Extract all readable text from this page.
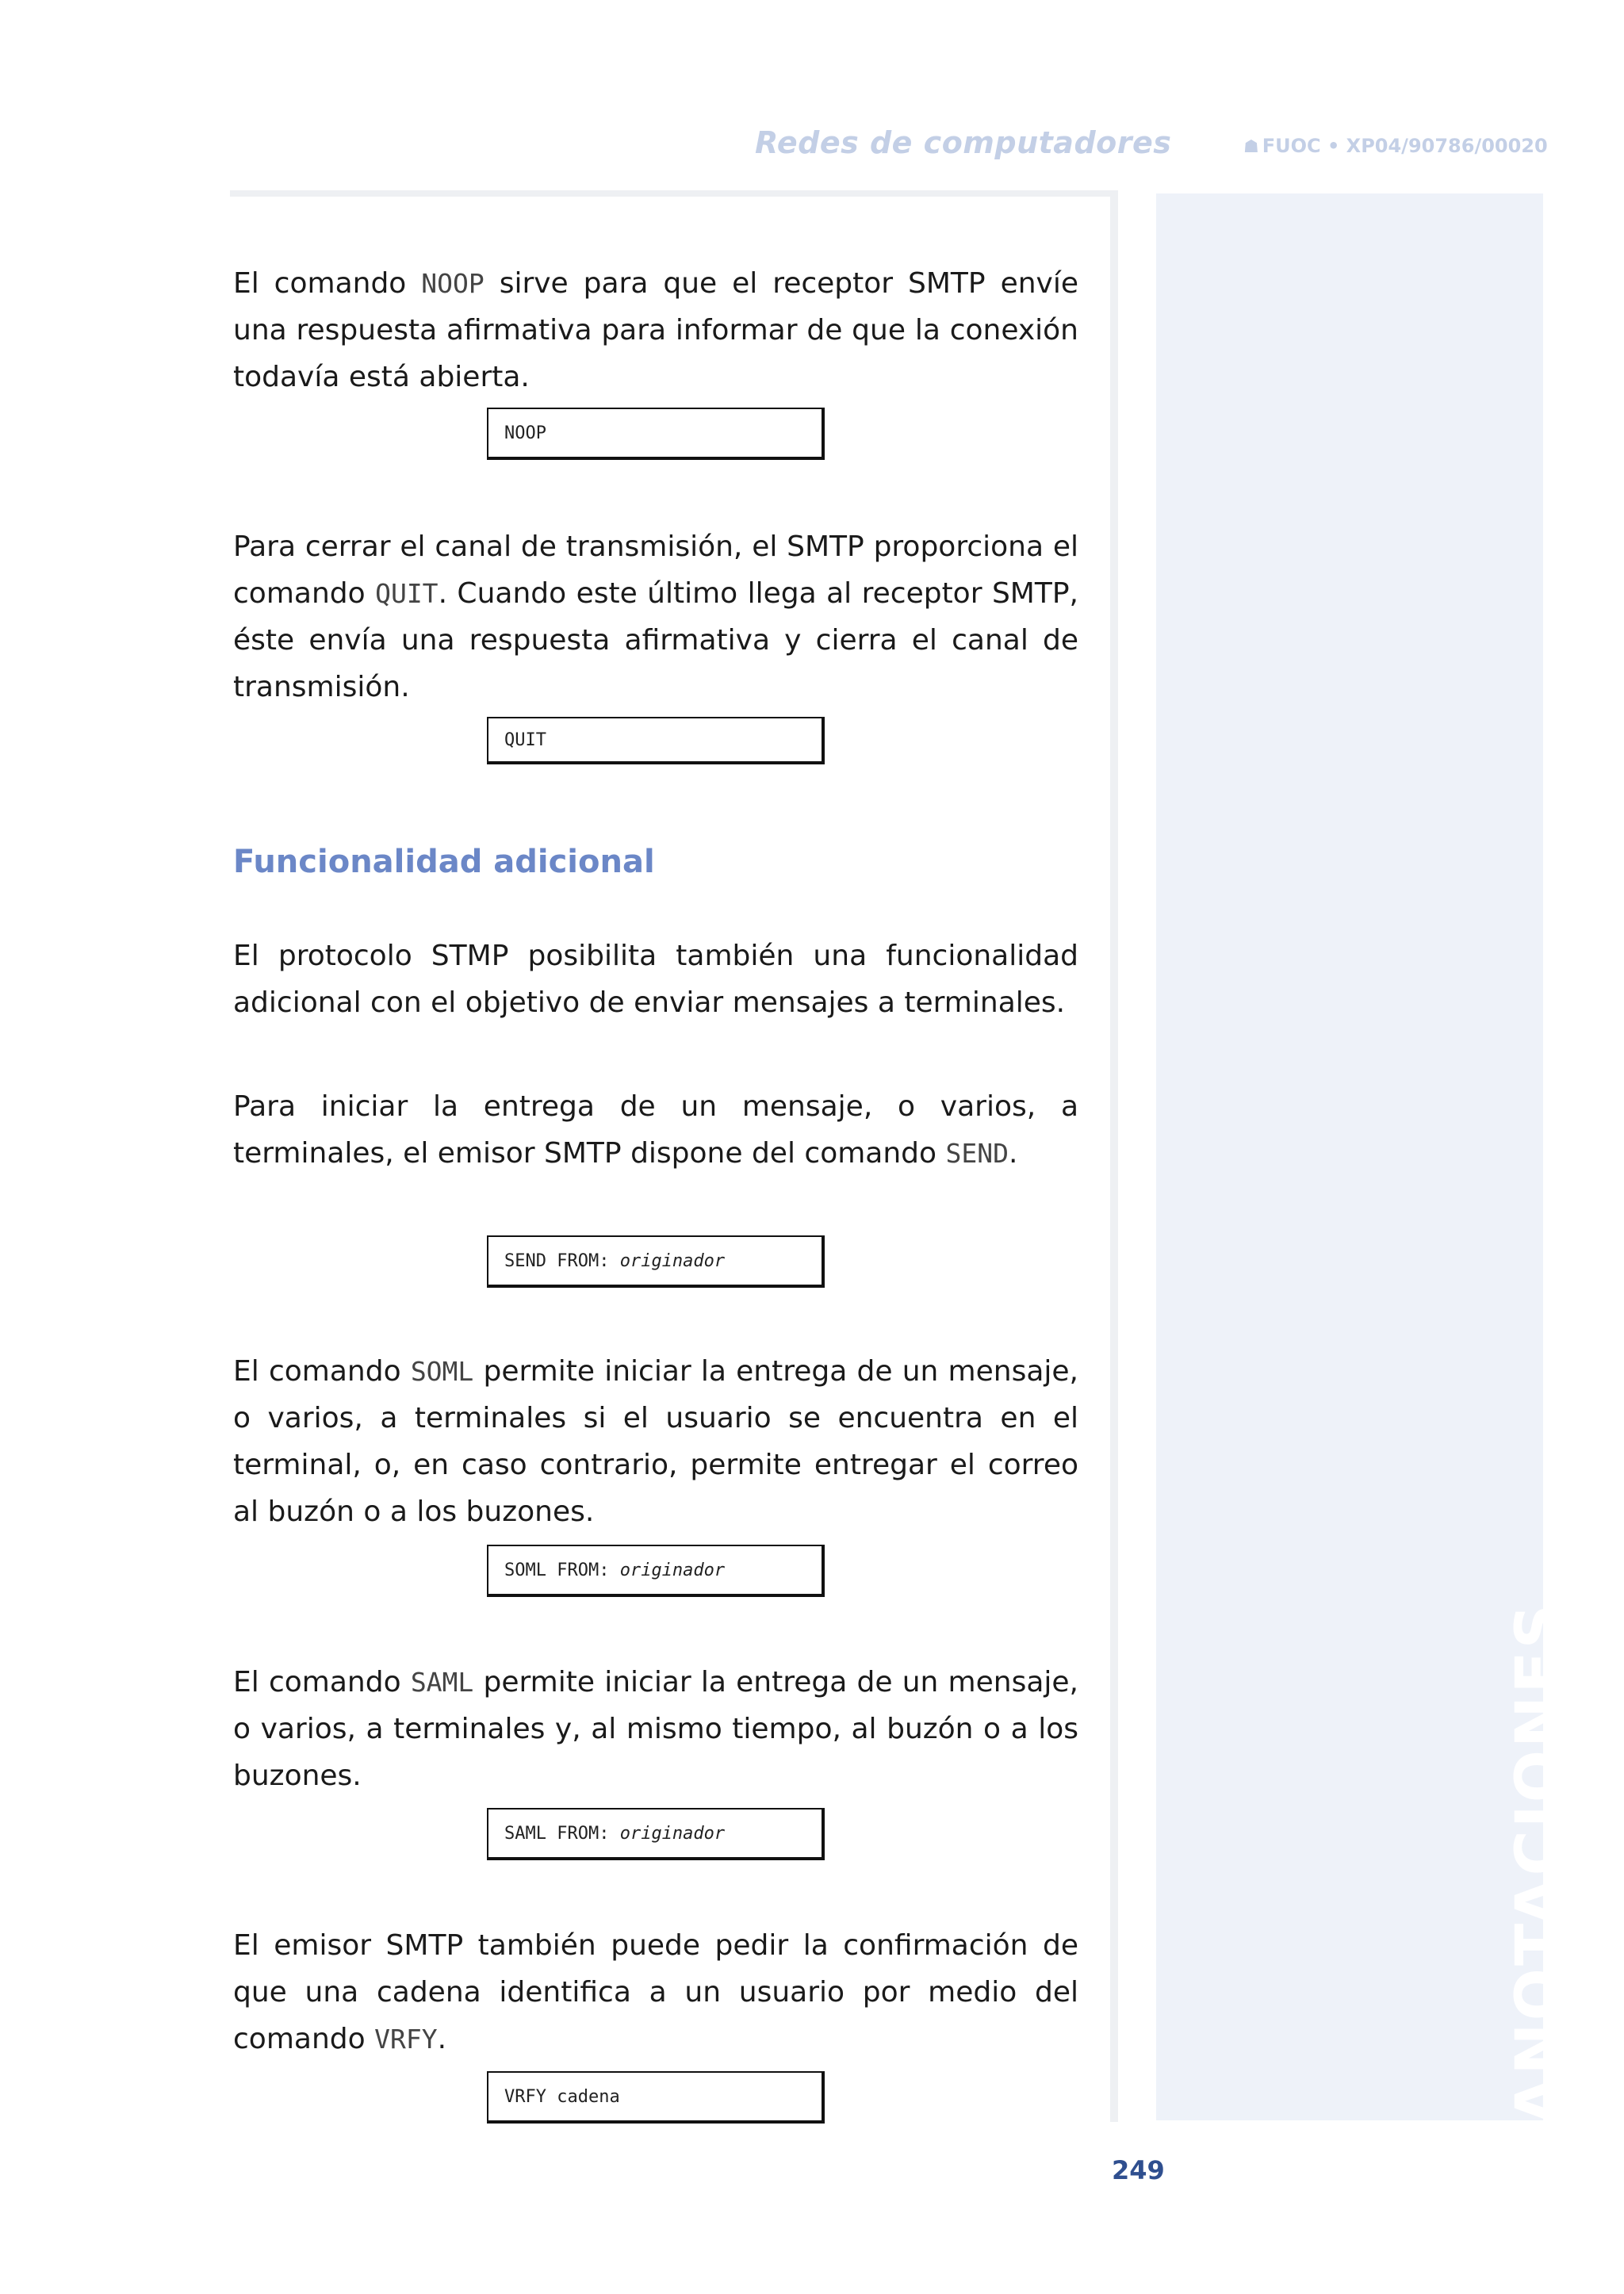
Redes de computadores	☗ FUOC • XP04/90786/00020
ANOTACIONES

El comando NOOP sirve para que el receptor SMTP envíe una respuesta afirmativa para informar de que la conexión todavía está abierta.

NOOP

Para cerrar el canal de transmisión, el SMTP proporciona el comando QUIT. Cuando este último llega al receptor SMTP, éste envía una respuesta afirmativa y cierra el canal de transmisión.

QUIT
Funcionalidad adicional

El protocolo STMP posibilita también una funcionalidad adicional con el objetivo de enviar mensajes a terminales.

Para iniciar la entrega de un mensaje, o varios, a terminales, el emisor SMTP dispone del comando SEND.

SEND FROM: originador

El comando SOML permite iniciar la entrega de un mensaje, o varios, a terminales si el usuario se encuentra en el terminal, o, en caso contrario, permite entregar el correo al buzón o a los buzones.

SOML FROM: originador

El comando SAML permite iniciar la entrega de un mensaje, o varios, a terminales y, al mismo tiempo, al buzón o a los buzones.

SAML FROM: originador

El emisor SMTP también puede pedir la confirmación de que una cadena identifica a un usuario por medio del comando VRFY.

VRFY cadena
249
